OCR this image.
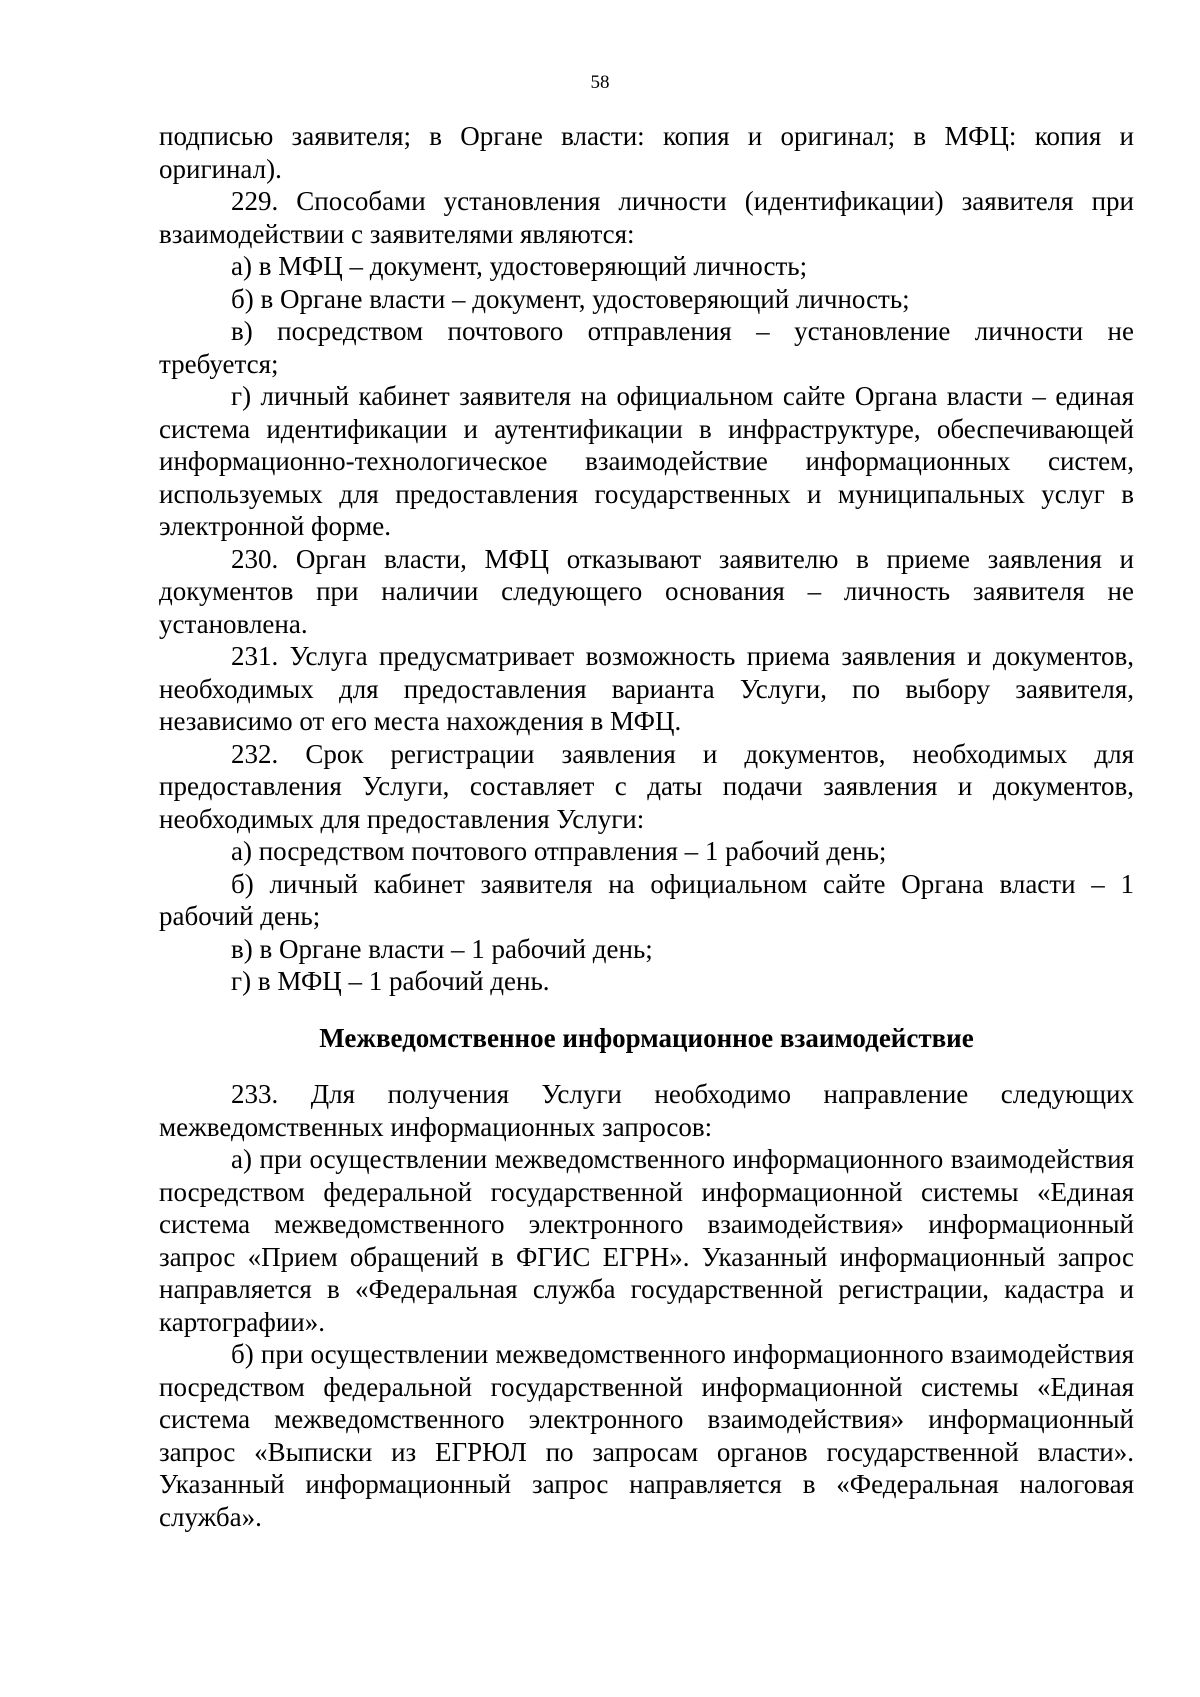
58

подписью заявителя; в Органе власти: копия и оригинал; в МФЦ: копия и оригинал).

229. Способами установления личности (идентификации) заявителя при взаимодействии с заявителями являются:

а) в МФЦ – документ, удостоверяющий личность;

б) в Органе власти – документ, удостоверяющий личность;

в) посредством почтового отправления – установление личности не требуется;

г) личный кабинет заявителя на официальном сайте Органа власти – единая система идентификации и аутентификации в инфраструктуре, обеспечивающей информационно-технологическое взаимодействие информационных систем, используемых для предоставления государственных и муниципальных услуг в электронной форме.

230. Орган власти, МФЦ отказывают заявителю в приеме заявления и документов при наличии следующего основания – личность заявителя не установлена.

231. Услуга предусматривает возможность приема заявления и документов, необходимых для предоставления варианта Услуги, по выбору заявителя, независимо от его места нахождения в МФЦ.

232. Срок регистрации заявления и документов, необходимых для предоставления Услуги, составляет с даты подачи заявления и документов, необходимых для предоставления Услуги:

а) посредством почтового отправления – 1 рабочий день;

б) личный кабинет заявителя на официальном сайте Органа власти – 1 рабочий день;

в) в Органе власти – 1 рабочий день;

г) в МФЦ – 1 рабочий день.

Межведомственное информационное взаимодействие

233. Для получения Услуги необходимо направление следующих межведомственных информационных запросов:

а) при осуществлении межведомственного информационного взаимодействия посредством федеральной государственной информационной системы «Единая система межведомственного электронного взаимодействия» информационный запрос «Прием обращений в ФГИС ЕГРН». Указанный информационный запрос направляется в «Федеральная служба государственной регистрации, кадастра и картографии».

б) при осуществлении межведомственного информационного взаимодействия посредством федеральной государственной информационной системы «Единая система межведомственного электронного взаимодействия» информационный запрос «Выписки из ЕГРЮЛ по запросам органов государственной власти». Указанный информационный запрос направляется в «Федеральная налоговая служба».
